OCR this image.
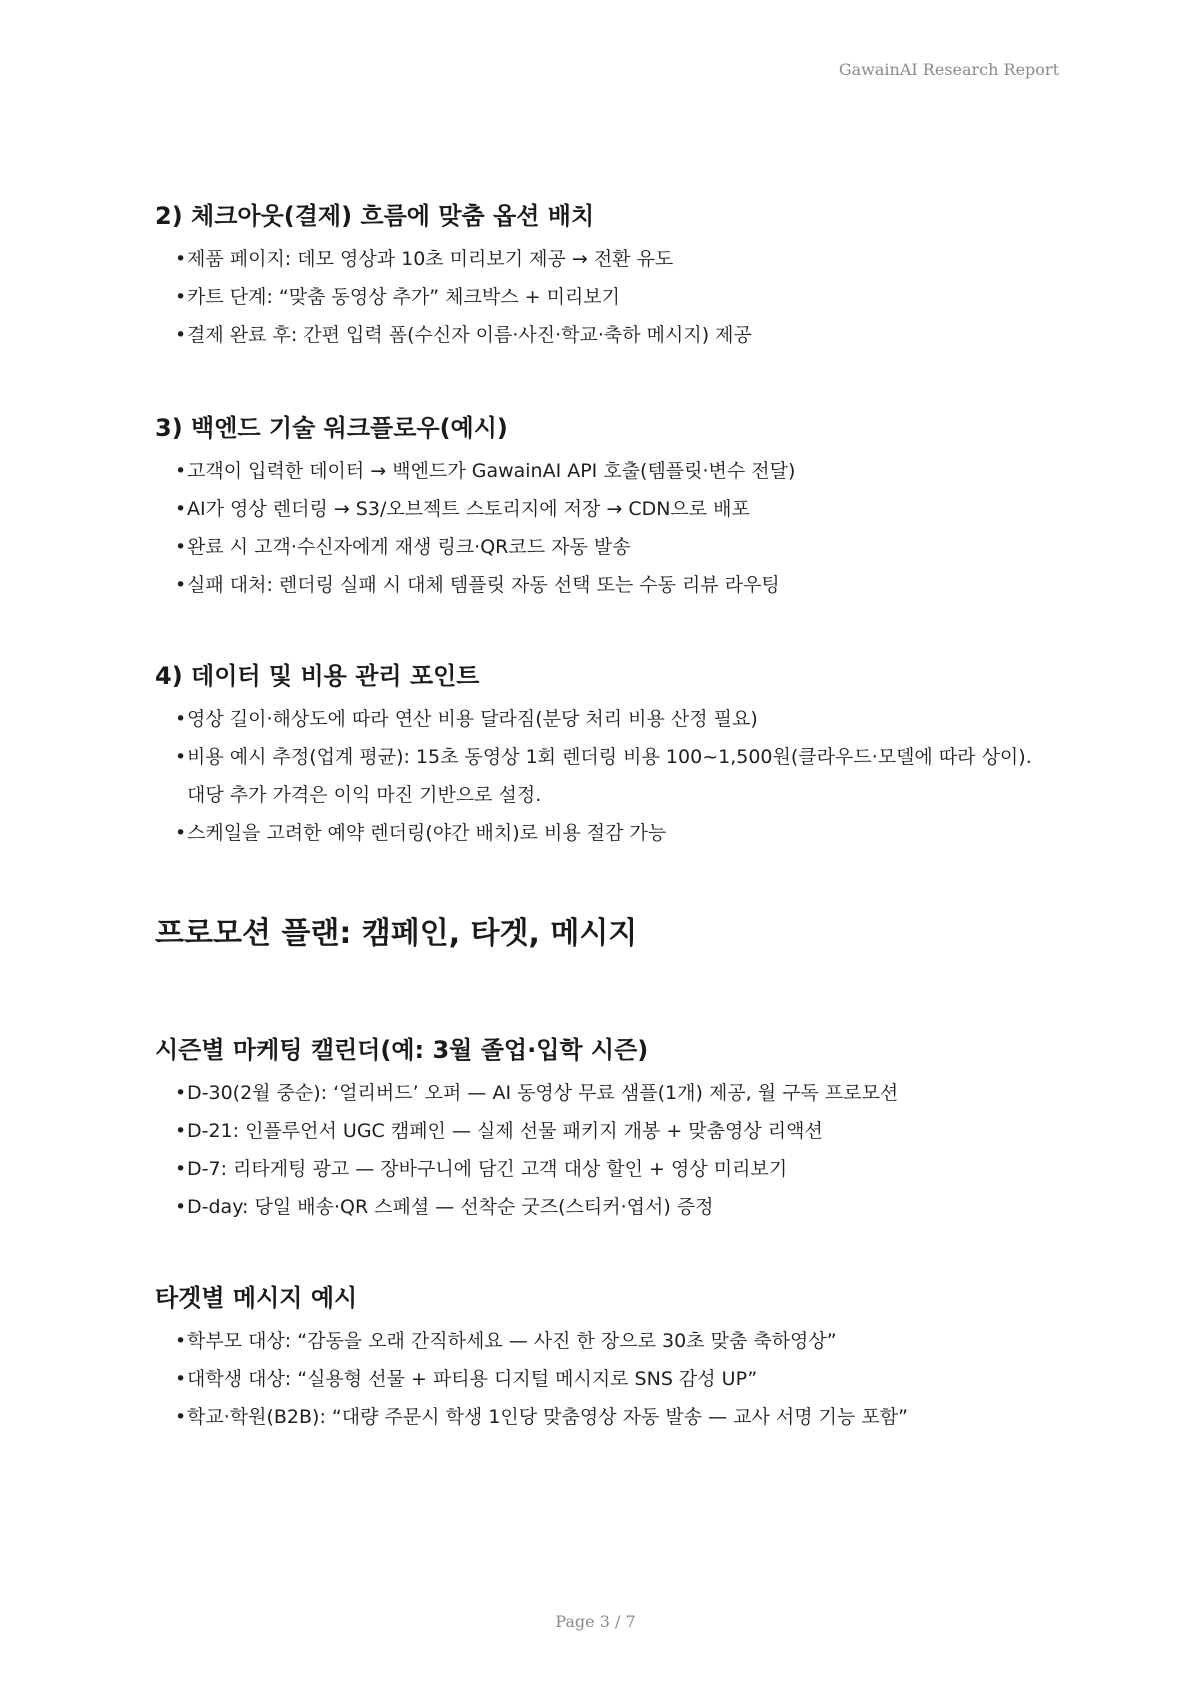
GawainAI Research Report
2) 체크아웃(결제) 흐름에 맞춤 옵션 배치
• 제품 페이지: 데모 영상과 10초 미리보기 제공 → 전환 유도
• 카트 단계: “맞춤 동영상 추가” 체크박스 + 미리보기
• 결제 완료 후: 간편 입력 폼(수신자 이름·사진·학교·축하 메시지) 제공
3) 백엔드 기술 워크플로우(예시)
• 고객이 입력한 데이터 → 백엔드가 GawainAI API 호출(템플릿·변수 전달)
• AI가 영상 렌더링 → S3/오브젝트 스토리지에 저장 → CDN으로 배포
• 완료 시 고객·수신자에게 재생 링크·QR코드 자동 발송
• 실패 대처: 렌더링 실패 시 대체 템플릿 자동 선택 또는 수동 리뷰 라우팅
4) 데이터 및 비용 관리 포인트
• 영상 길이·해상도에 따라 연산 비용 달라짐(분당 처리 비용 산정 필요)
• 비용 예시 추정(업계 평균): 15초 동영상 1회 렌더링 비용 100~1,500원(클라우드·모델에 따라 상이). 대당 추가 가격은 이익 마진 기반으로 설정.
• 스케일을 고려한 예약 렌더링(야간 배치)로 비용 절감 가능
프로모션 플랜: 캠페인, 타겟, 메시지
시즌별 마케팅 캘린더(예: 3월 졸업·입학 시즌)
• D-30(2월 중순): ‘얼리버드’ 오퍼 — AI 동영상 무료 샘플(1개) 제공, 월 구독 프로모션
• D-21: 인플루언서 UGC 캠페인 — 실제 선물 패키지 개봉 + 맞춤영상 리액션
• D-7: 리타게팅 광고 — 장바구니에 담긴 고객 대상 할인 + 영상 미리보기
• D-day: 당일 배송·QR 스페셜 — 선착순 굿즈(스티커·엽서) 증정
타겟별 메시지 예시
• 학부모 대상: “감동을 오래 간직하세요 — 사진 한 장으로 30초 맞춤 축하영상”
• 대학생 대상: “실용형 선물 + 파티용 디지털 메시지로 SNS 감성 UP”
• 학교·학원(B2B): “대량 주문시 학생 1인당 맞춤영상 자동 발송 — 교사 서명 기능 포함”
Page 3 / 7
